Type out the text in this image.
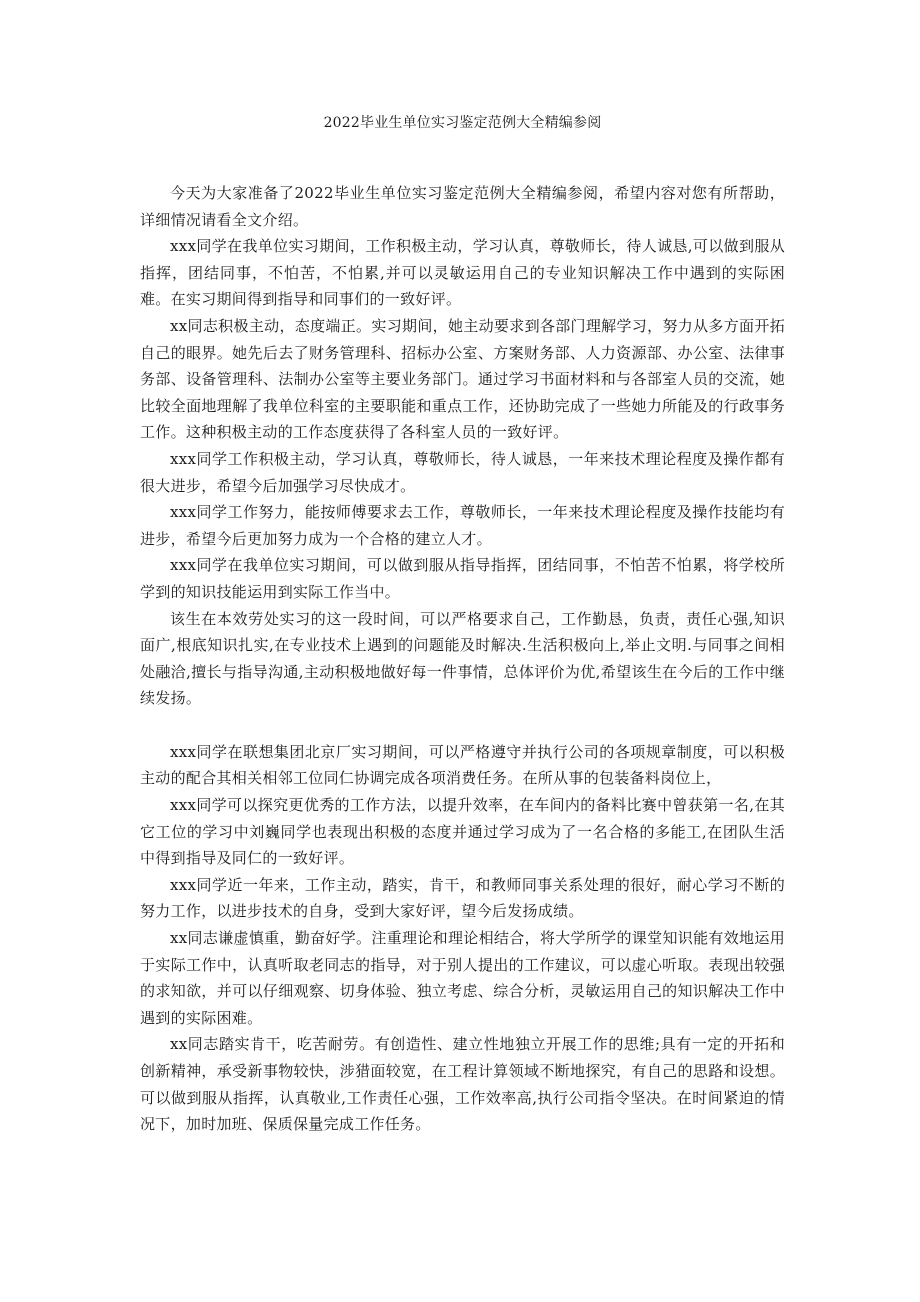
2022毕业生单位实习鉴定范例大全精编参阅

今天为大家准备了2022毕业生单位实习鉴定范例大全精编参阅，希望内容对您有所帮助，详细情况请看全文介绍。

xxx同学在我单位实习期间，工作积极主动，学习认真，尊敬师长，待人诚恳,可以做到服从指挥，团结同事，不怕苦，不怕累,并可以灵敏运用自己的专业知识解决工作中遇到的实际困难。在实习期间得到指导和同事们的一致好评。

xx同志积极主动，态度端正。实习期间，她主动要求到各部门理解学习，努力从多方面开拓自己的眼界。她先后去了财务管理科、招标办公室、方案财务部、人力资源部、办公室、法律事务部、设备管理科、法制办公室等主要业务部门。通过学习书面材料和与各部室人员的交流，她比较全面地理解了我单位科室的主要职能和重点工作，还协助完成了一些她力所能及的行政事务工作。这种积极主动的工作态度获得了各科室人员的一致好评。

xxx同学工作积极主动，学习认真，尊敬师长，待人诚恳，一年来技术理论程度及操作都有很大进步，希望今后加强学习尽快成才。

xxx同学工作努力，能按师傅要求去工作，尊敬师长，一年来技术理论程度及操作技能均有进步，希望今后更加努力成为一个合格的建立人才。

xxx同学在我单位实习期间，可以做到服从指导指挥，团结同事，不怕苦不怕累，将学校所学到的知识技能运用到实际工作当中。

该生在本效劳处实习的这一段时间，可以严格要求自己，工作勤恳，负责，责任心强,知识面广,根底知识扎实,在专业技术上遇到的问题能及时解决.生活积极向上,举止文明.与同事之间相处融洽,擅长与指导沟通,主动积极地做好每一件事情，总体评价为优,希望该生在今后的工作中继续发扬。

xxx同学在联想集团北京厂实习期间，可以严格遵守并执行公司的各项规章制度，可以积极主动的配合其相关相邻工位同仁协调完成各项消费任务。在所从事的包装备料岗位上，

xxx同学可以探究更优秀的工作方法，以提升效率，在车间内的备料比赛中曾获第一名,在其它工位的学习中刘巍同学也表现出积极的态度并通过学习成为了一名合格的多能工,在团队生活中得到指导及同仁的一致好评。

xxx同学近一年来，工作主动，踏实，肯干，和教师同事关系处理的很好，耐心学习不断的努力工作，以进步技术的自身，受到大家好评，望今后发扬成绩。

xx同志谦虚慎重，勤奋好学。注重理论和理论相结合，将大学所学的课堂知识能有效地运用于实际工作中，认真听取老同志的指导，对于别人提出的工作建议，可以虚心听取。表现出较强的求知欲，并可以仔细观察、切身体验、独立考虑、综合分析，灵敏运用自己的知识解决工作中遇到的实际困难。

xx同志踏实肯干，吃苦耐劳。有创造性、建立性地独立开展工作的思维;具有一定的开拓和创新精神，承受新事物较快，涉猎面较宽，在工程计算领域不断地探究，有自己的思路和设想。可以做到服从指挥，认真敬业,工作责任心强，工作效率高,执行公司指令坚决。在时间紧迫的情况下，加时加班、保质保量完成工作任务。
